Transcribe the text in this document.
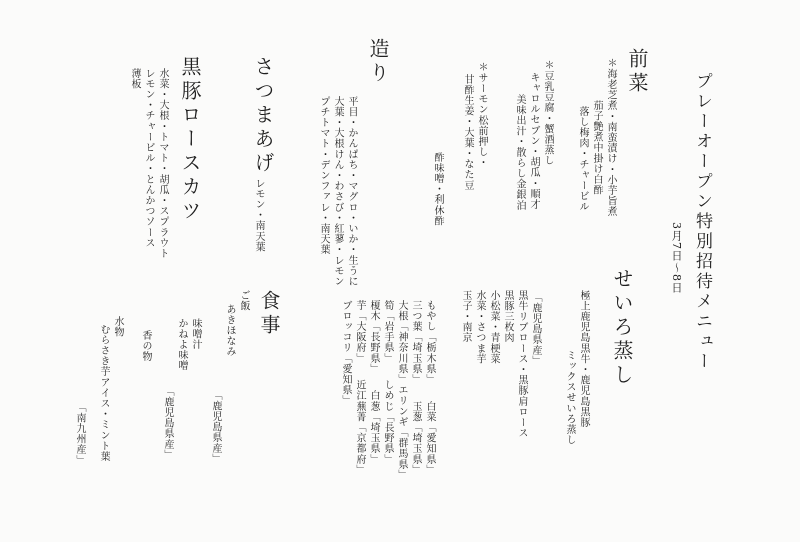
プレーオープン特別招待メニュー
3月7日〜8日
前菜
＊海老芝煮・南蛮漬け・小芋旨煮
茄子艶煮中掛け白酢
落し梅肉・チャービル
＊豆乳豆腐・蟹酒蒸し
キャロルセブン・胡瓜・順才
美味出汁・散らし金銀泊
＊サーモン松前押し・
甘酢生姜・大葉・なた豆
酢味噌・利休酢
造り
平目・かんぱち・マグロ・いか・生うに
大葉・大根けん・わさび・紅蓼・レモン
プチトマト・デンファレ・南天葉
さつまあげ
レモン・南天葉
黒豚ロースカツ
水菜・大根・トマト・胡瓜・スプラウト
レモン・チャービル・とんかつソース
薄板
せいろ蒸し
極上鹿児島黒牛・鹿児島黒豚
ミックスせいろ蒸し
「鹿児島県産」
黒牛リブロース・黒豚肩ロース
黒豚三枚肉
小松菜・青梗菜
水菜・さつま芋
玉子・南京
もやし「栃木県」　　白菜「愛知県」
三つ葉「埼玉県」　　玉葱「埼玉県」
大根「神奈川県」エリンギ「群馬県」
筍「岩手県」　　しめじ「長野県」
榎木「長野県」　　白葱「埼玉県」
芋「大阪府」　　近江蕪菁「京都府」
ブロッコリ「愛知県」
食事
ご飯
あきほなみ
「鹿児島県産」
味噌汁
かねよ味噌
「鹿児島県産」
香の物
水物
むらさき芋アイス・ミント葉
「南九州産」
